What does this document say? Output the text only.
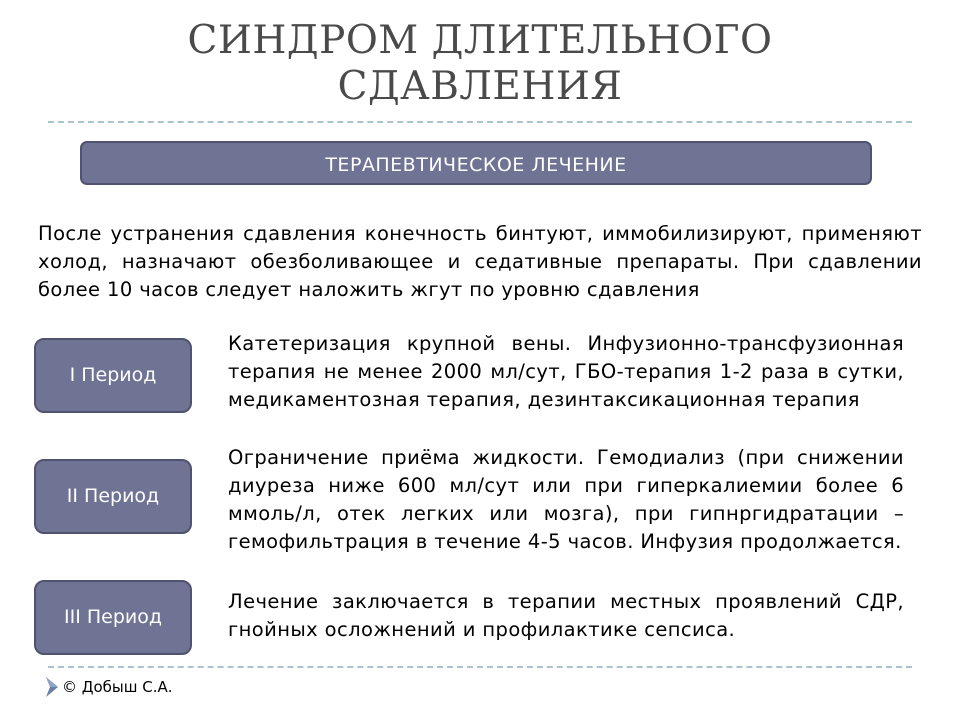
СИНДРОМ ДЛИТЕЛЬНОГО
СДАВЛЕНИЯ
ТЕРАПЕВТИЧЕСКОЕ ЛЕЧЕНИЕ
После устранения сдавления конечность бинтуют, иммобилизируют, применяют холод, назначают обезболивающее и седативные препараты. При сдавлении более 10 часов следует наложить жгут по уровню сдавления
I Период
Катетеризация крупной вены. Инфузионно-трансфузионная терапия не менее 2000 мл/сут, ГБО-терапия 1-2 раза в сутки, медикаментозная терапия, дезинтаксикационная терапия
II Период
Ограничение приёма жидкости. Гемодиализ (при снижении диуреза ниже 600 мл/сут или при гиперкалиемии более 6 ммоль/л, отек легких или мозга), при гипнргидратации – гемофильтрация в течение 4-5 часов. Инфузия продолжается.
III Период
Лечение заключается в терапии местных проявлений СДР, гнойных осложнений и профилактике сепсиса.
© Добыш С.А.
